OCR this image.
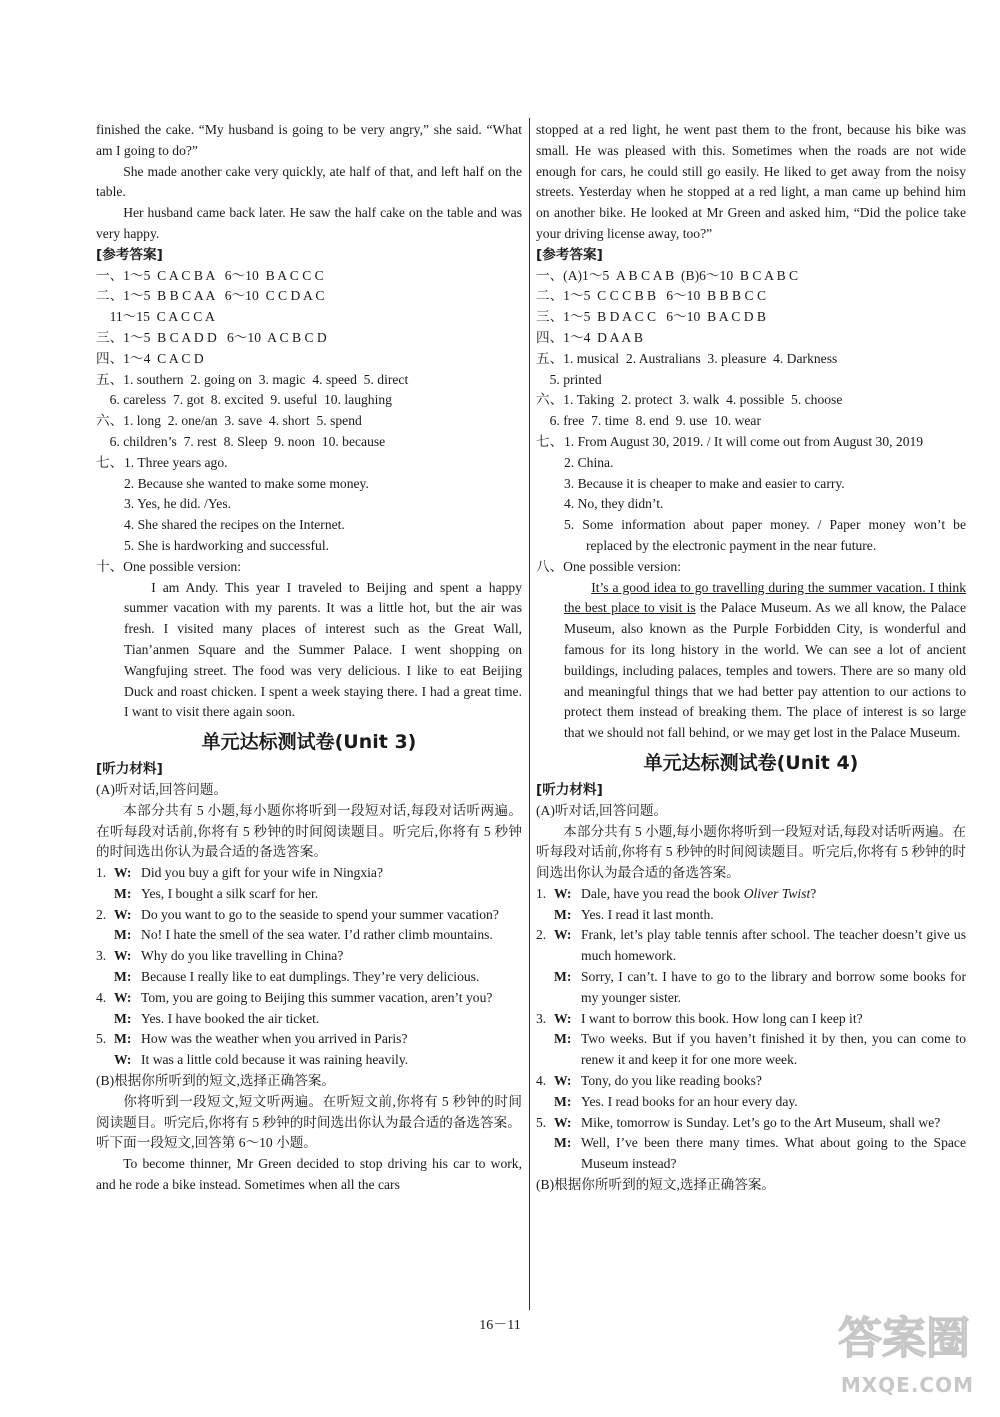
finished the cake. “My husband is going to be very angry,” she said. “What am I going to do?”

She made another cake very quickly, ate half of that, and left half on the table.

Her husband came back later. He saw the half cake on the table and was very happy.

[参考答案]
一、1～5  C A C B A   6～10  B A C C C
二、1～5  B B C A A   6～10  C C D A C
11～15  C A C C A
三、1～5  B C A D D   6～10  A C B C D
四、1～4  C A C D
五、1. southern  2. going on  3. magic  4. speed  5. direct
6. careless  7. got  8. excited  9. useful  10. laughing
六、1. long  2. one/an  3. save  4. short  5. spend
6. children’s  7. rest  8. Sleep  9. noon  10. because
七、 1. Three years ago.
2. Because she wanted to make some money.
3. Yes, he did. /Yes.
4. She shared the recipes on the Internet.
5. She is hardworking and successful.
十、One possible version:

I am Andy. This year I traveled to Beijing and spent a happy summer vacation with my parents. It was a little hot, but the air was fresh. I visited many places of interest such as the Great Wall, Tian’anmen Square and the Summer Palace. I went shopping on Wangfujing street. The food was very delicious. I like to eat Beijing Duck and roast chicken. I spent a week staying there. I had a great time. I want to visit there again soon.

单元达标测试卷(Unit 3)
[听力材料]
(A)听对话,回答问题。

本部分共有 5 小题,每小题你将听到一段短对话,每段对话听两遍。在听每段对话前,你将有 5 秒钟的时间阅读题目。听完后,你将有 5 秒钟的时间选出你认为最合适的备选答案。

1. W: Did you buy a gift for your wife in Ningxia?
M: Yes, I bought a silk scarf for her.
2. W: Do you want to go to the seaside to spend your summer vacation?
M: No! I hate the smell of the sea water. I’d rather climb mountains.
3. W: Why do you like travelling in China?
M: Because I really like to eat dumplings. They’re very delicious.
4. W: Tom, you are going to Beijing this summer vacation, aren’t you?
M: Yes. I have booked the air ticket.
5. M: How was the weather when you arrived in Paris?
W: It was a little cold because it was raining heavily.
(B)根据你所听到的短文,选择正确答案。

你将听到一段短文,短文听两遍。在听短文前,你将有 5 秒钟的时间阅读题目。听完后,你将有 5 秒钟的时间选出你认为最合适的备选答案。

听下面一段短文,回答第 6～10 小题。

To become thinner, Mr Green decided to stop driving his car to work, and he rode a bike instead. Sometimes when all the cars

stopped at a red light, he went past them to the front, because his bike was small. He was pleased with this. Sometimes when the roads are not wide enough for cars, he could still go easily. He liked to get away from the noisy streets. Yesterday when he stopped at a red light, a man came up behind him on another bike. He looked at Mr Green and asked him, “Did the police take your driving license away, too?”

[参考答案]
一、(A)1～5  A B C A B  (B)6～10  B C A B C
二、1～5  C C C B B   6～10  B B B C C
三、1～5  B D A C C   6～10  B A C D B
四、1～4  D A A B
五、1. musical  2. Australians  3. pleasure  4. Darkness
5. printed
六、1. Taking  2. protect  3. walk  4. possible  5. choose
6. free  7. time  8. end  9. use  10. wear
七、 1. From August 30, 2019. / It will come out from August 30, 2019
2. China.
3. Because it is cheaper to make and easier to carry.
4. No, they didn’t.
5. Some information about paper money. / Paper money won’t be replaced by the electronic payment in the near future.
八、One possible version:

It’s a good idea to go travelling during the summer vacation. I think the best place to visit is the Palace Museum. As we all know, the Palace Museum, also known as the Purple Forbidden City, is wonderful and famous for its long history in the world. We can see a lot of ancient buildings, including palaces, temples and towers. There are so many old and meaningful things that we had better pay attention to our actions to protect them instead of breaking them. The place of interest is so large that we should not fall behind, or we may get lost in the Palace Museum.

单元达标测试卷(Unit 4)
[听力材料]
(A)听对话,回答问题。

本部分共有 5 小题,每小题你将听到一段短对话,每段对话听两遍。在听每段对话前,你将有 5 秒钟的时间阅读题目。听完后,你将有 5 秒钟的时间选出你认为最合适的备选答案。

1. W: Dale, have you read the book Oliver Twist?
M: Yes. I read it last month.
2. W: Frank, let’s play table tennis after school. The teacher doesn’t give us much homework.
M: Sorry, I can’t. I have to go to the library and borrow some books for my younger sister.
3. W: I want to borrow this book. How long can I keep it?
M: Two weeks. But if you haven’t finished it by then, you can come to renew it and keep it for one more week.
4. W: Tony, do you like reading books?
M: Yes. I read books for an hour every day.
5. W: Mike, tomorrow is Sunday. Let’s go to the Art Museum, shall we?
M: Well, I’ve been there many times. What about going to the Space Museum instead?
(B)根据你所听到的短文,选择正确答案。
16－11	答案圈
MXQE.COM
